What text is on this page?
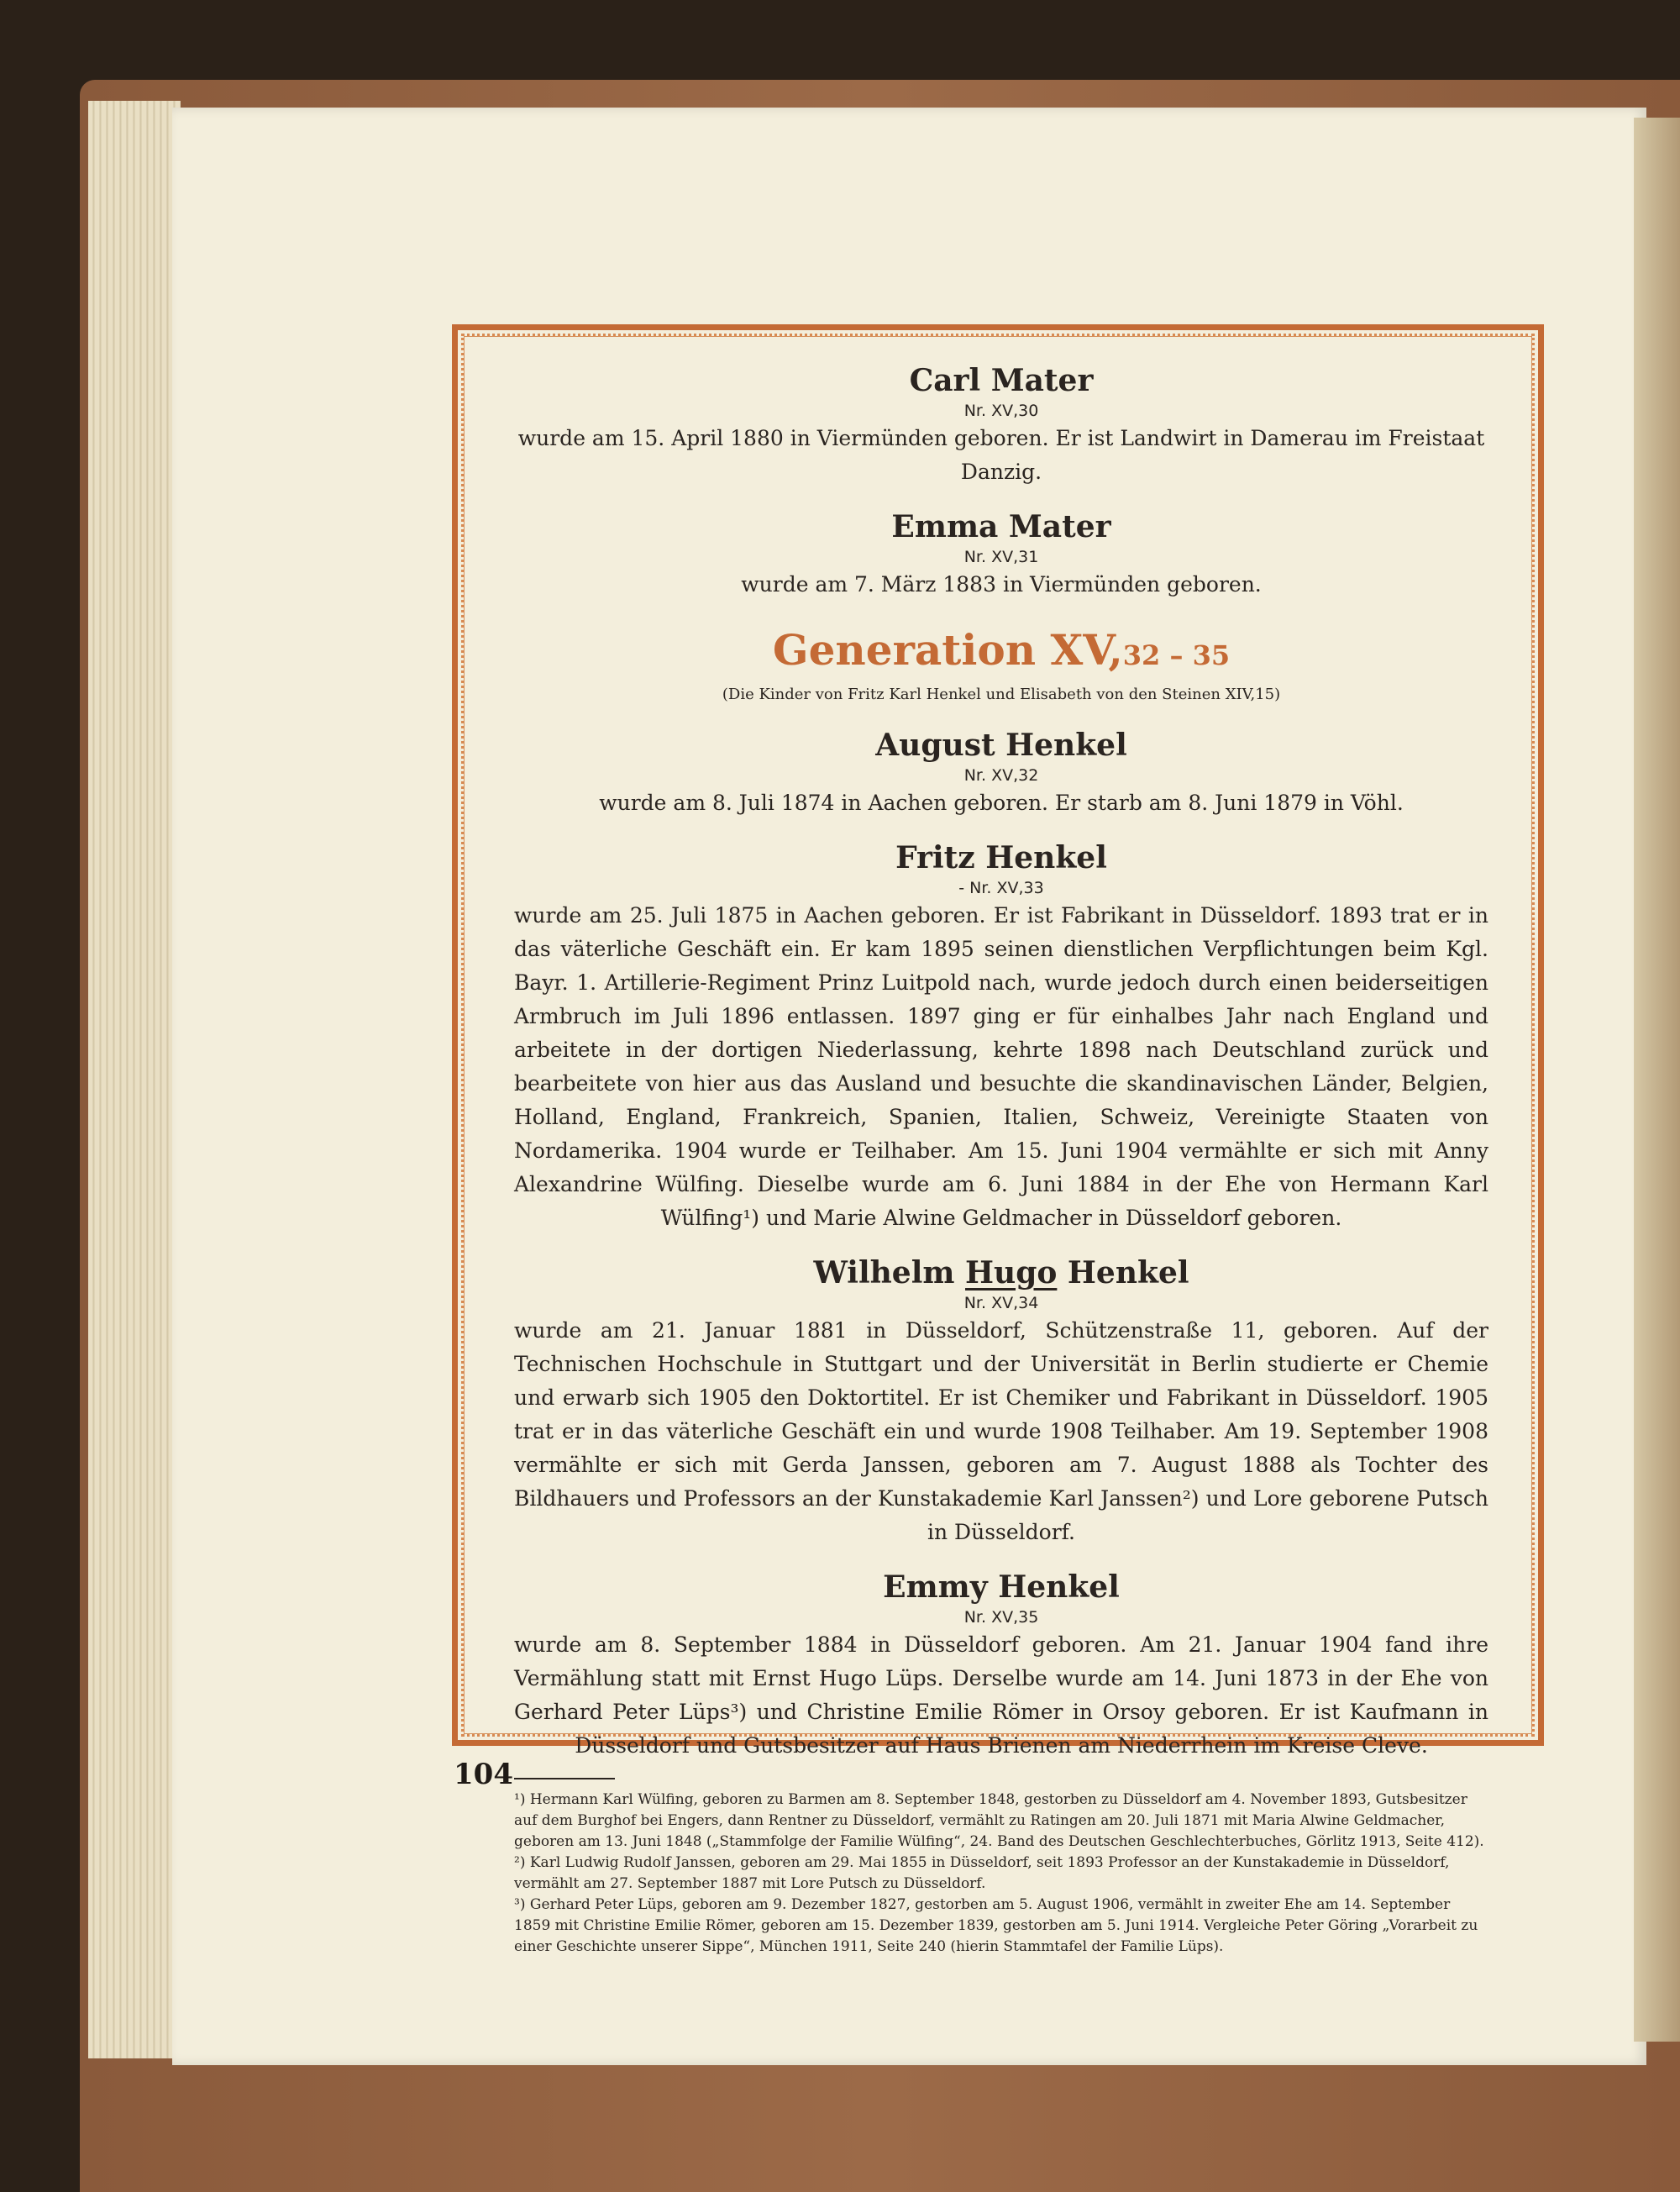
Carl Mater
Nr. XV,30
wurde am 15. April 1880 in Viermünden geboren. Er ist Landwirt in Damerau im Freistaat Danzig.
Emma Mater
Nr. XV,31
wurde am 7. März 1883 in Viermünden geboren.
Generation XV,32 – 35
(Die Kinder von Fritz Karl Henkel und Elisabeth von den Steinen XIV,15)
August Henkel
Nr. XV,32
wurde am 8. Juli 1874 in Aachen geboren. Er starb am 8. Juni 1879 in Vöhl.
Fritz Henkel
- Nr. XV,33
wurde am 25. Juli 1875 in Aachen geboren. Er ist Fabrikant in Düsseldorf. 1893 trat er in das väterliche Geschäft ein. Er kam 1895 seinen dienstlichen Verpflichtungen beim Kgl. Bayr. 1. Artillerie-Regiment Prinz Luitpold nach, wurde jedoch durch einen beiderseitigen Armbruch im Juli 1896 entlassen. 1897 ging er für einhalbes Jahr nach England und arbeitete in der dortigen Niederlassung, kehrte 1898 nach Deutschland zurück und bearbeitete von hier aus das Ausland und besuchte die skandinavischen Länder, Belgien, Holland, England, Frankreich, Spanien, Italien, Schweiz, Vereinigte Staaten von Nordamerika. 1904 wurde er Teilhaber. Am 15. Juni 1904 vermählte er sich mit Anny Alexandrine Wülfing. Dieselbe wurde am 6. Juni 1884 in der Ehe von Hermann Karl Wülfing¹) und Marie Alwine Geldmacher in Düsseldorf geboren.
Wilhelm Hugo Henkel
Nr. XV,34
wurde am 21. Januar 1881 in Düsseldorf, Schützenstraße 11, geboren. Auf der Technischen Hochschule in Stuttgart und der Universität in Berlin studierte er Chemie und erwarb sich 1905 den Doktortitel. Er ist Chemiker und Fabrikant in Düsseldorf. 1905 trat er in das väterliche Geschäft ein und wurde 1908 Teilhaber. Am 19. September 1908 vermählte er sich mit Gerda Janssen, geboren am 7. August 1888 als Tochter des Bildhauers und Professors an der Kunstakademie Karl Janssen²) und Lore geborene Putsch in Düsseldorf.
Emmy Henkel
Nr. XV,35
wurde am 8. September 1884 in Düsseldorf geboren. Am 21. Januar 1904 fand ihre Vermählung statt mit Ernst Hugo Lüps. Derselbe wurde am 14. Juni 1873 in der Ehe von Gerhard Peter Lüps³) und Christine Emilie Römer in Orsoy geboren. Er ist Kaufmann in Düsseldorf und Gutsbesitzer auf Haus Brienen am Niederrhein im Kreise Cleve.
¹) Hermann Karl Wülfing, geboren zu Barmen am 8. September 1848, gestorben zu Düsseldorf am 4. November 1893, Gutsbesitzer auf dem Burghof bei Engers, dann Rentner zu Düsseldorf, vermählt zu Ratingen am 20. Juli 1871 mit Maria Alwine Geldmacher, geboren am 13. Juni 1848 („Stammfolge der Familie Wülfing“, 24. Band des Deutschen Geschlechterbuches, Görlitz 1913, Seite 412).
²) Karl Ludwig Rudolf Janssen, geboren am 29. Mai 1855 in Düsseldorf, seit 1893 Professor an der Kunstakademie in Düsseldorf, vermählt am 27. September 1887 mit Lore Putsch zu Düsseldorf.
³) Gerhard Peter Lüps, geboren am 9. Dezember 1827, gestorben am 5. August 1906, vermählt in zweiter Ehe am 14. September 1859 mit Christine Emilie Römer, geboren am 15. Dezember 1839, gestorben am 5. Juni 1914. Vergleiche Peter Göring „Vorarbeit zu einer Geschichte unserer Sippe“, München 1911, Seite 240 (hierin Stammtafel der Familie Lüps).
104
